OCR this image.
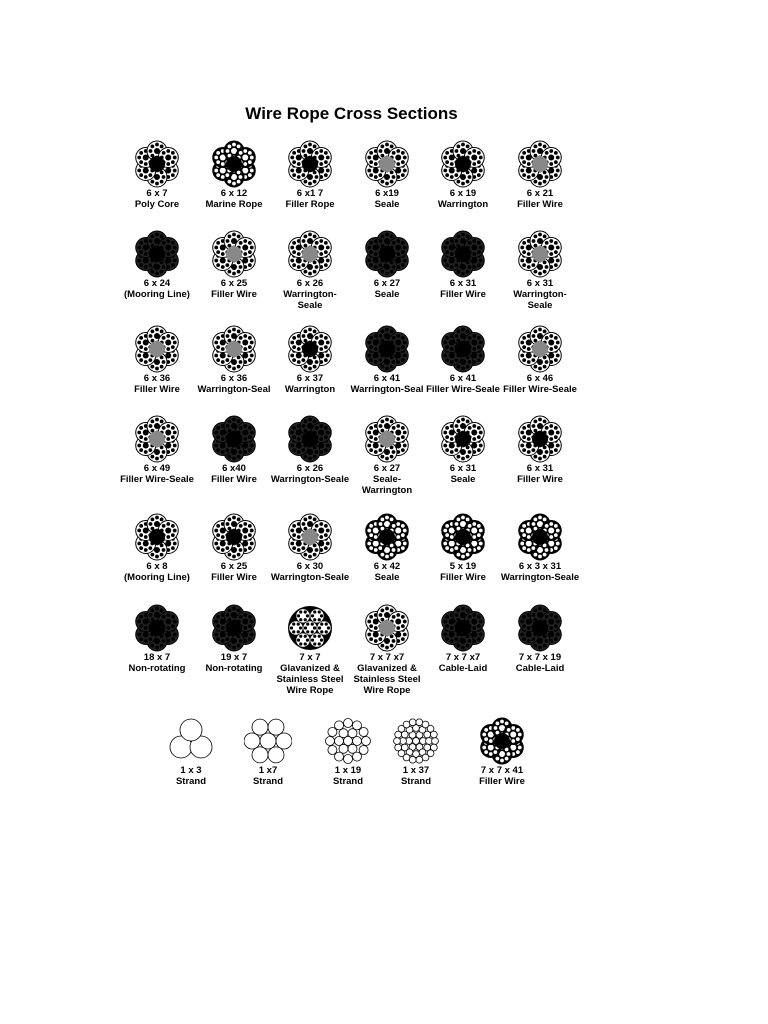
Wire Rope Cross Sections
6 x 7
Poly Core
6 x 12
Marine Rope
6 x1 7
Filler Rope
6 x19
Seale
6 x 19
Warrington
6 x 21
Filler Wire
6 x 24
(Mooring Line)
6 x 25
Filler Wire
6 x 26
Warrington-
Seale
6 x 27
Seale
6 x 31
Filler Wire
6 x 31
Warrington-
Seale
6 x 36
Filler Wire
6 x 36
Warrington-Seal
6 x 37
Warrington
6 x 41
Warrington-Seal
6 x 41
Filler Wire-Seale
6 x 46
Filler Wire-Seale
6 x 49
Filler Wire-Seale
6 x40
Filler Wire
6 x 26
Warrington-Seale
6 x 27
Seale-
Warrington
6 x 31
Seale
6 x 31
Filler Wire
6 x 8
(Mooring Line)
6 x 25
Filler Wire
6 x 30
Warrington-Seale
6 x 42
Seale
5 x 19
Filler Wire
6 x 3 x 31
Warrington-Seale
18 x 7
Non-rotating
19 x 7
Non-rotating
7 x 7
Glavanized &
Stainless Steel
Wire Rope
7 x 7 x7
Glavanized &
Stainless Steel
Wire Rope
7 x 7 x7
Cable-Laid
7 x 7 x 19
Cable-Laid
1 x 3
Strand
1 x7
Strand
1 x 19
Strand
1 x 37
Strand
7 x 7 x 41
Filler Wire
